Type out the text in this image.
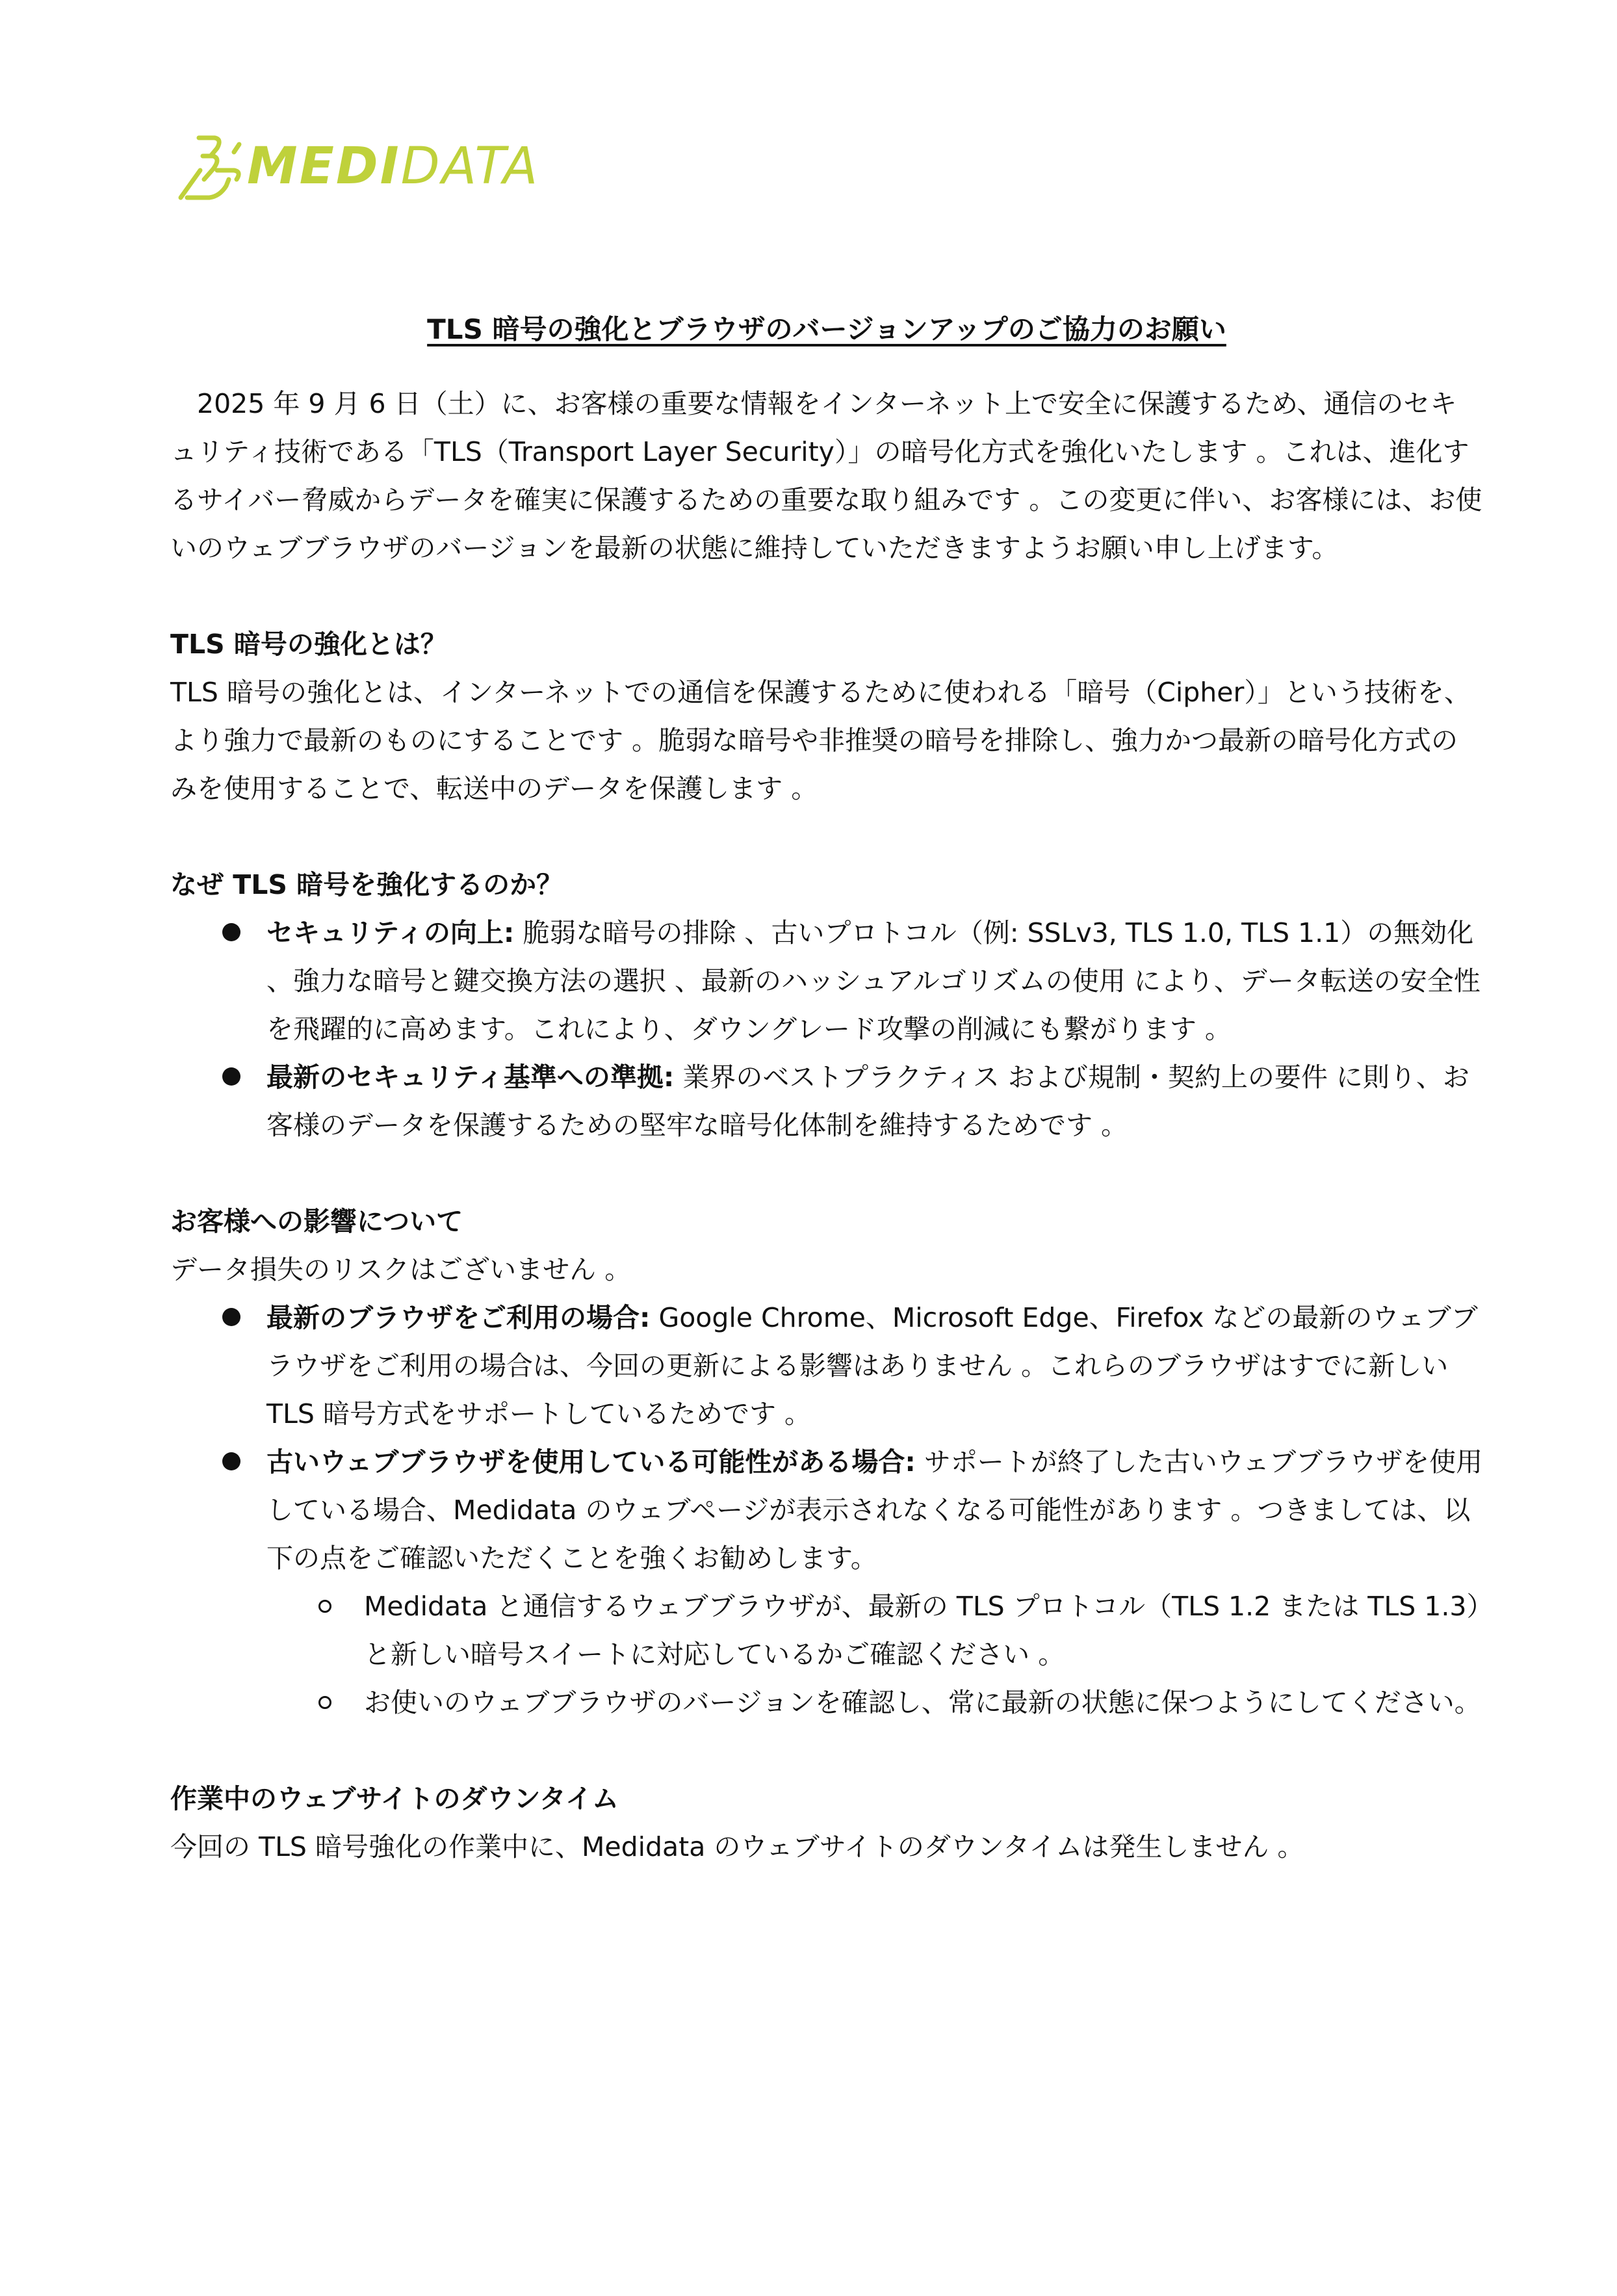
MEDIDATA
TLS 暗号の強化とブラウザのバージョンアップのご協力のお願い

2025 年 9 月 6 日（土）に、お客様の重要な情報をインターネット上で安全に保護するため、通信のセキュリティ技術である「TLS（Transport Layer Security）」の暗号化方式を強化いたします 。これは、進化するサイバー脅威からデータを確実に保護するための重要な取り組みです 。この変更に伴い、お客様には、お使いのウェブブラウザのバージョンを最新の状態に維持していただきますようお願い申し上げます。

TLS 暗号の強化とは？

TLS 暗号の強化とは、インターネットでの通信を保護するために使われる「暗号（Cipher）」という技術を、より強力で最新のものにすることです 。脆弱な暗号や非推奨の暗号を排除し、強力かつ最新の暗号化方式のみを使用することで、転送中のデータを保護します 。

なぜ TLS 暗号を強化するのか？
セキュリティの向上: 脆弱な暗号の排除 、古いプロトコル（例: SSLv3, TLS 1.0, TLS 1.1）の無効化 、強力な暗号と鍵交換方法の選択 、最新のハッシュアルゴリズムの使用 により、データ転送の安全性を飛躍的に高めます。これにより、ダウングレード攻撃の削減にも繋がります 。
最新のセキュリティ基準への準拠: 業界のベストプラクティス および規制・契約上の要件 に則り、お客様のデータを保護するための堅牢な暗号化体制を維持するためです 。
お客様への影響について

データ損失のリスクはございません 。

最新のブラウザをご利用の場合: Google Chrome、Microsoft Edge、Firefox などの最新のウェブブラウザをご利用の場合は、今回の更新による影響はありません 。これらのブラウザはすでに新しい TLS 暗号方式をサポートしているためです 。
古いウェブブラウザを使用している可能性がある場合: サポートが終了した古いウェブブラウザを使用している場合、Medidata のウェブページが表示されなくなる可能性があります 。つきましては、以下の点をご確認いただくことを強くお勧めします。
Medidata と通信するウェブブラウザが、最新の TLS プロトコル（TLS 1.2 または TLS 1.3）と新しい暗号スイートに対応しているかご確認ください 。
お使いのウェブブラウザのバージョンを確認し、常に最新の状態に保つようにしてください。
作業中のウェブサイトのダウンタイム

今回の TLS 暗号強化の作業中に、Medidata のウェブサイトのダウンタイムは発生しません 。
